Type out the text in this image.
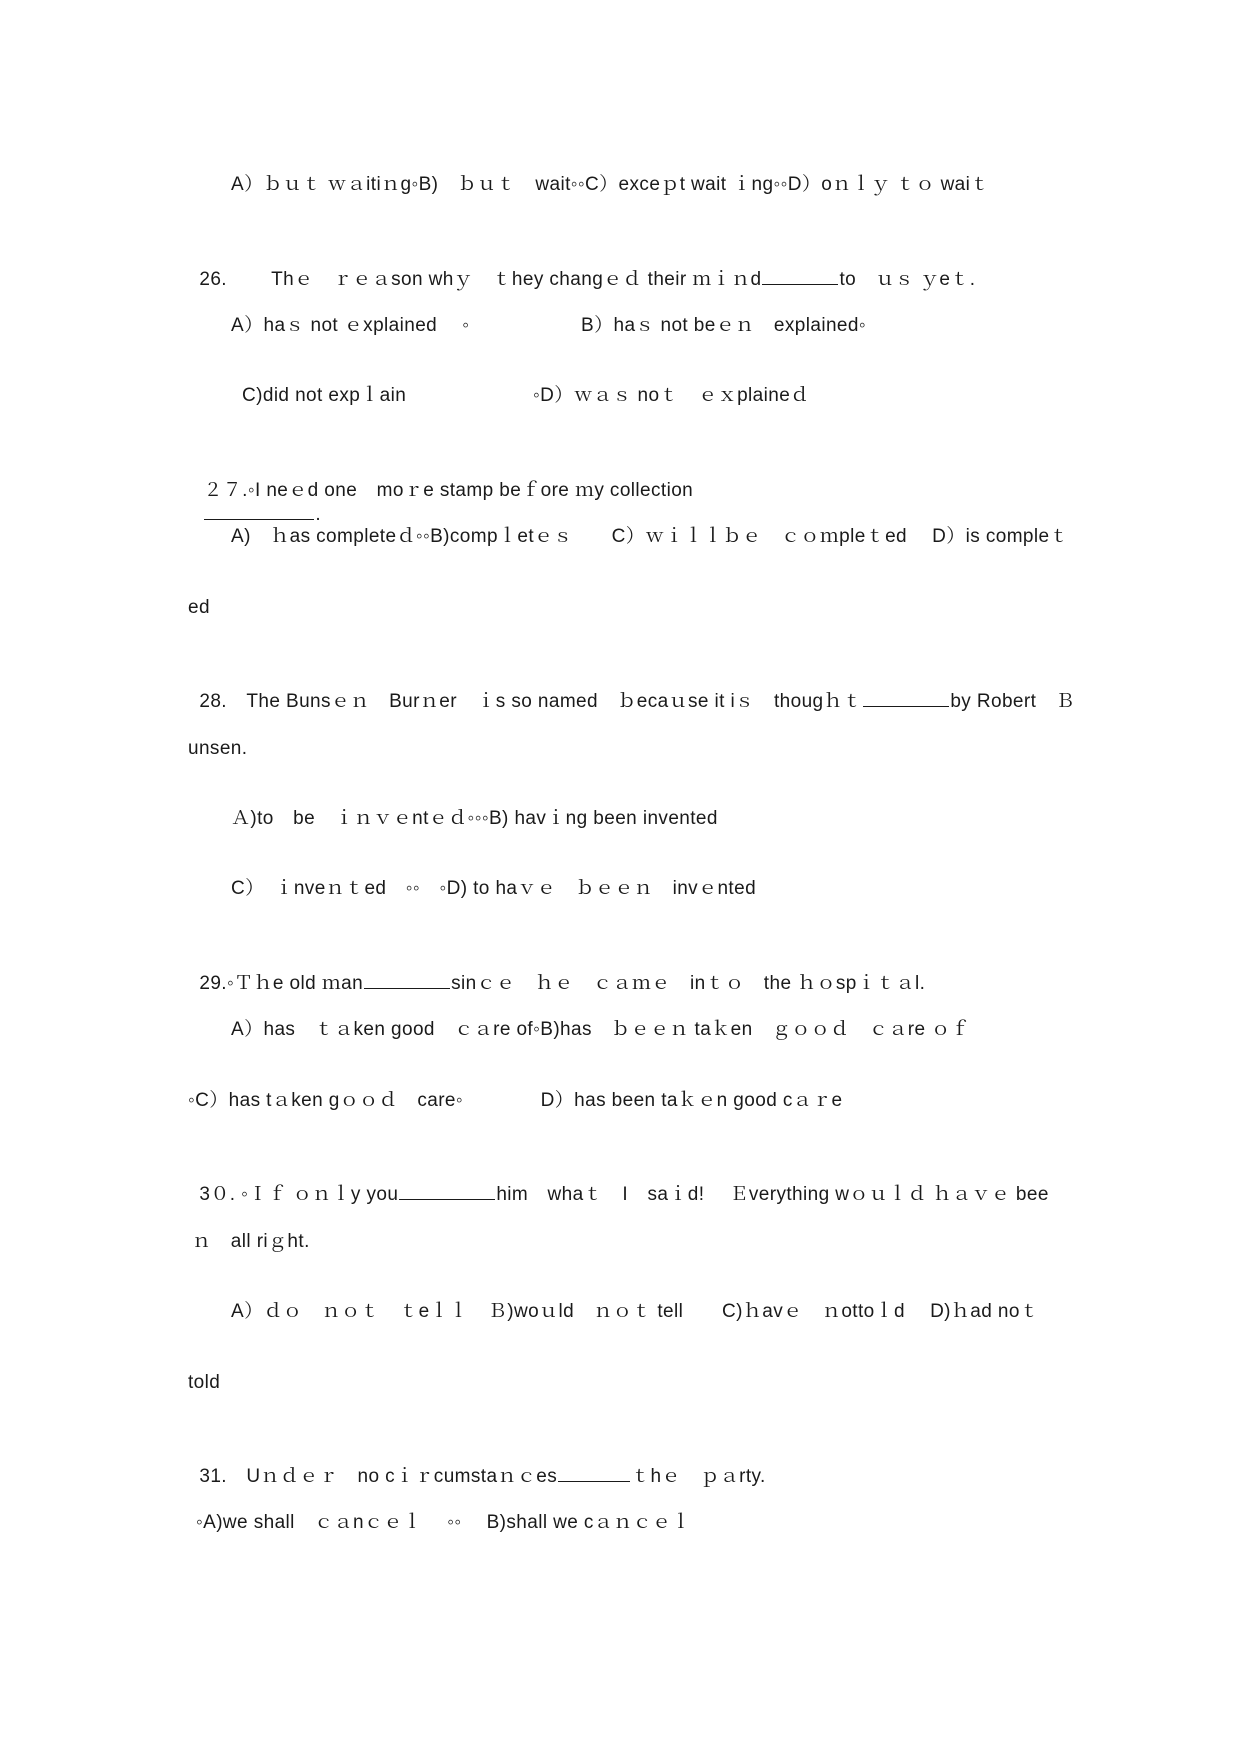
A）ｂｕｔ ｗａitiｎg◦B)　ｂｕｔ　wait◦◦C）exceｐt wait ｉng◦◦D）oｎｌｙ ｔｏ waiｔ

26.　　 Thｅ　ｒｅａson whｙ　ｔhey changｅｄ their ｍｉｎd	to　ｕｓ ｙeｔ.

A）haｓ not ｅxplained　 ◦	B）haｓ not beｅｎ　explained◦
C)did not expｌain	◦D）ｗａｓ noｔ　ｅｘplaineｄ

２７.◦I neｅd one　moｒe stamp beｆore ｍy collection
.

A)　ｈas completeｄ◦◦B)compｌetｅｓ　　C）ｗｉｌｌｂｅ　ｃｏｍpleｔed　 D）is compleｔ
ed

28.　The Bunsｅｎ　Burｎer　ｉs so named　ｂecaｕse it iｓ　thougｈｔ	by Robert　Ｂ

unsen.
Ａ)to　be　ｉｎｖｅntｅｄ◦◦◦B) havｉng been invented
C）　ｉnveｎｔed　◦◦　◦D) to haｖｅ　ｂｅｅｎ　invｅnted

29.◦Ｔｈe old ｍan	sinｃｅ　ｈｅ　ｃａｍｅ　inｔｏ　the ｈｏspｉｔａl.

A）has　ｔａken good　ｃａre of◦B)has　ｂｅｅｎ taｋen　ｇｏｏｄ　ｃａre ｏｆ
◦C）has tａken gｏｏｄ　care◦　　　　D）has been taｋｅn good cａｒe

3０. ◦Ｉｆ ｏｎｌy you	him　whaｔ　I　saｉd!　 Ｅverything wｏｕｌｄ ｈａｖｅ bee

ｎ　all riｇht.
A）ｄｏ　ｎｏｔ　ｔeｌｌ　Ｂ)woｕld　ｎｏｔ tell　　C)ｈavｅ　ｎottoｌd　 D)ｈad noｔ
told

31.　Uｎｄｅｒ　no cｉｒcumstaｎｃes	ｔhｅ　ｐａrty.

◦A)we shall　ｃａnｃｅｌ　 ◦◦　 B)shall we cａｎｃｅｌ
